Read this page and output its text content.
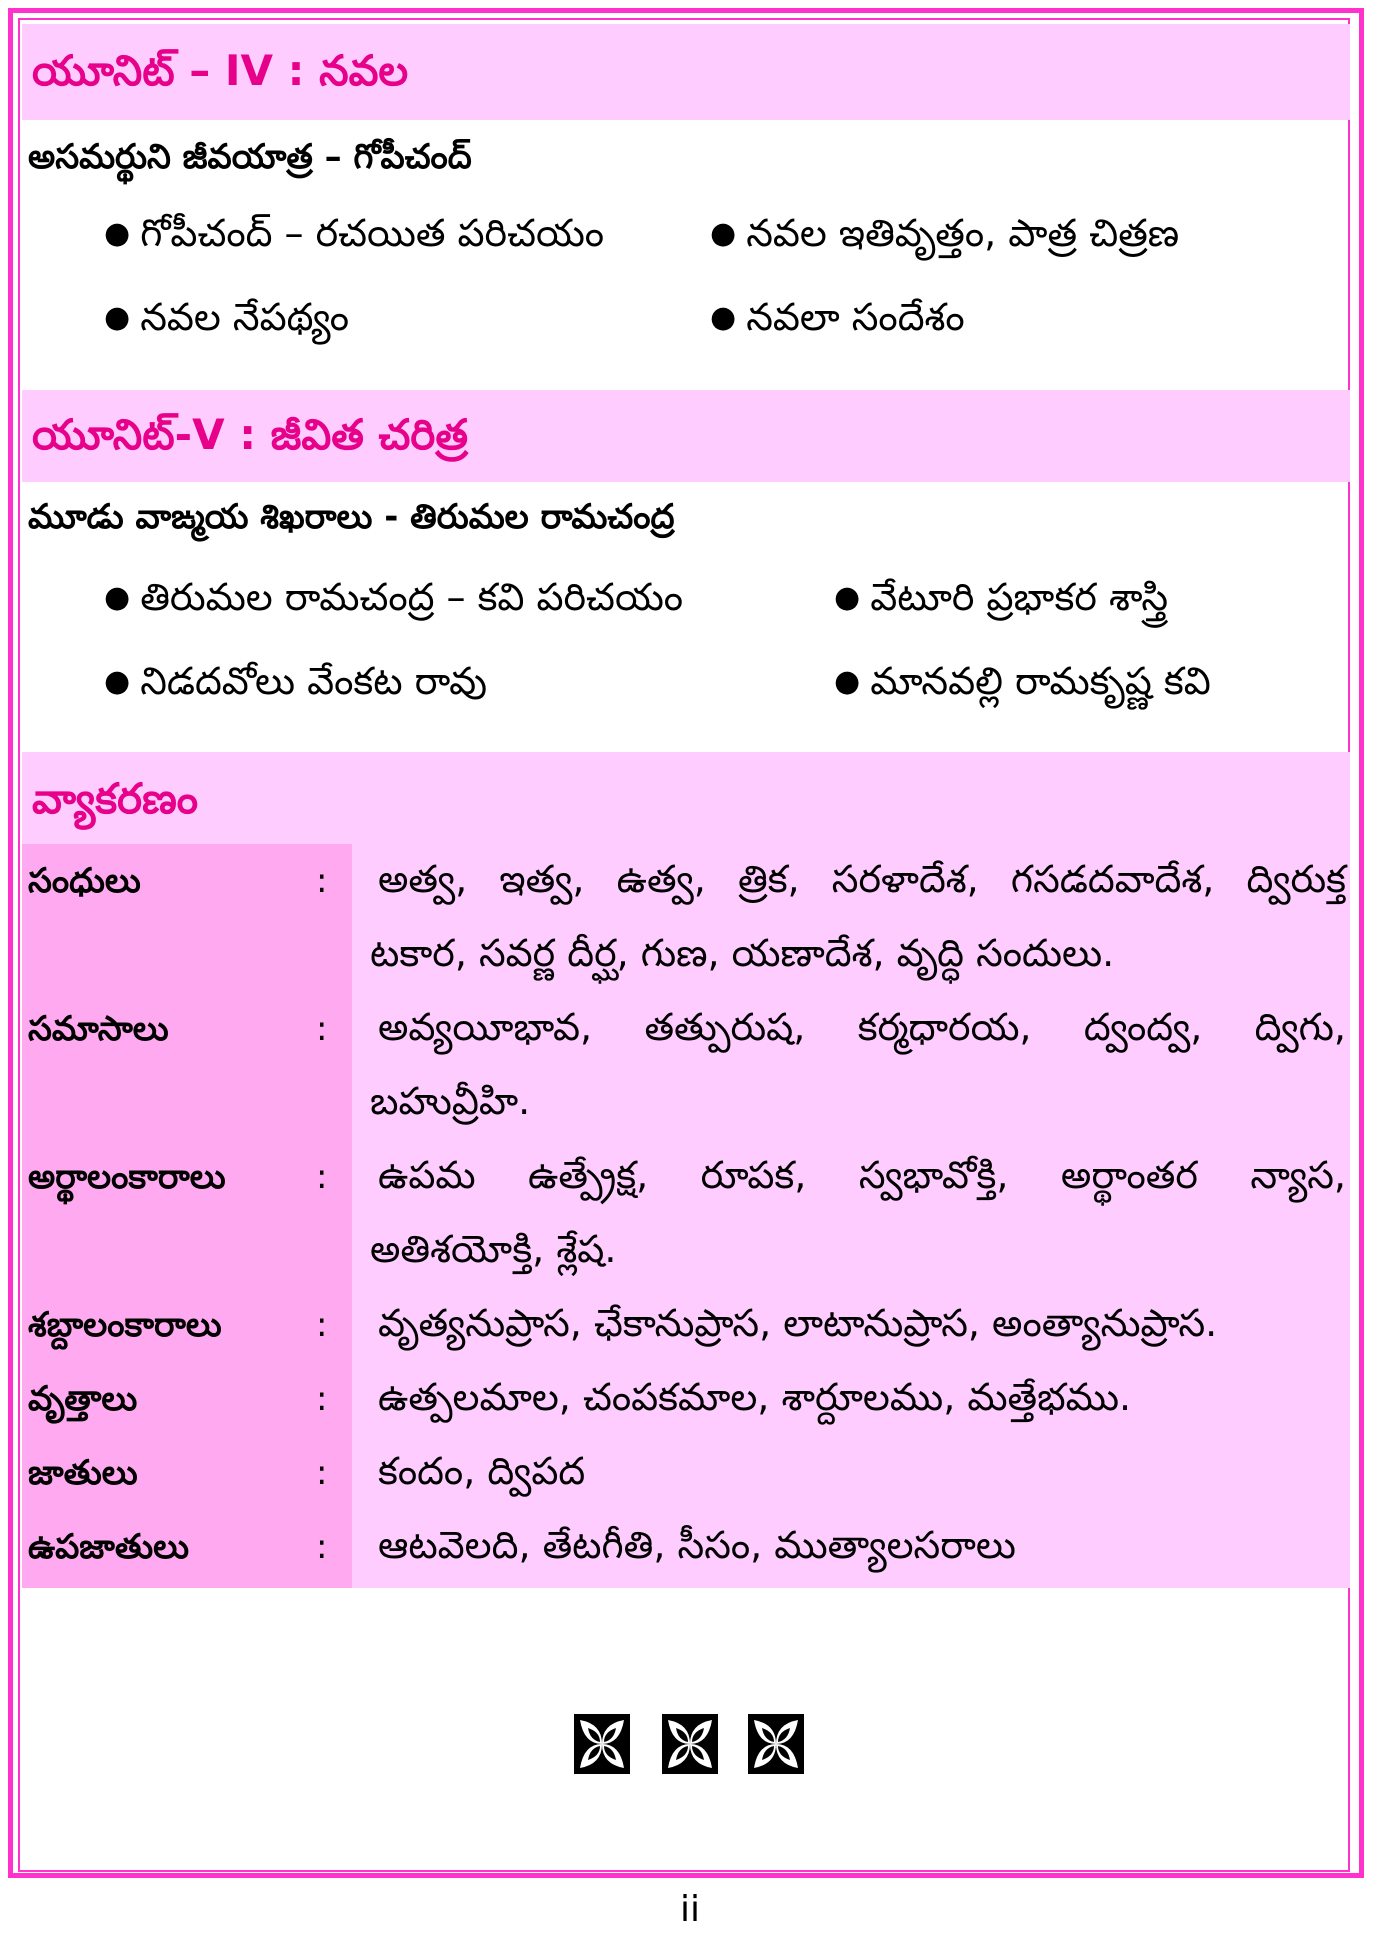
యూనిట్ – IV : నవల
అసమర్థుని జీవయాత్ర – గోపీచంద్
● గోపీచంద్ – రచయిత పరిచయం	● నవల ఇతివృత్తం, పాత్ర చిత్రణ
● నవల నేపథ్యం	● నవలా సందేశం
యూనిట్-V : జీవిత చరిత్ర
మూడు వాఙ్మయ శిఖరాలు - తిరుమల రామచంద్ర
● తిరుమల రామచంద్ర – కవి పరిచయం	● వేటూరి ప్రభాకర శాస్త్రి
● నిడదవోలు వేంకట రావు	● మానవల్లి రామకృష్ణ కవి
వ్యాకరణం
సంధులు	: అత్వ, ఇత్వ, ఉత్వ, త్రిక, సరళాదేశ, గసడదవాదేశ, ద్విరుక్త
టకార, సవర్ణ దీర్ఘ, గుణ, యణాదేశ, వృద్ధి సందులు.
సమాసాలు	: అవ్యయీభావ, తత్పురుష, కర్మధారయ, ద్వంద్వ, ద్విగు,
బహువ్రీహి.
అర్థాలంకారాలు	: ఉపమ ఉత్ప్రేక్ష, రూపక, స్వభావోక్తి, అర్థాంతర న్యాస,
అతిశయోక్తి, శ్లేష.
శబ్దాలంకారాలు	: వృత్యనుప్రాస, ఛేకానుప్రాస, లాటానుప్రాస, అంత్యానుప్రాస.
వృత్తాలు	: ఉత్పలమాల, చంపకమాల, శార్దూలము, మత్తేభము.
జాతులు	: కందం, ద్విపద
ఉపజాతులు	: ఆటవెలది, తేటగీతి, సీసం, ముత్యాలసరాలు
ii
